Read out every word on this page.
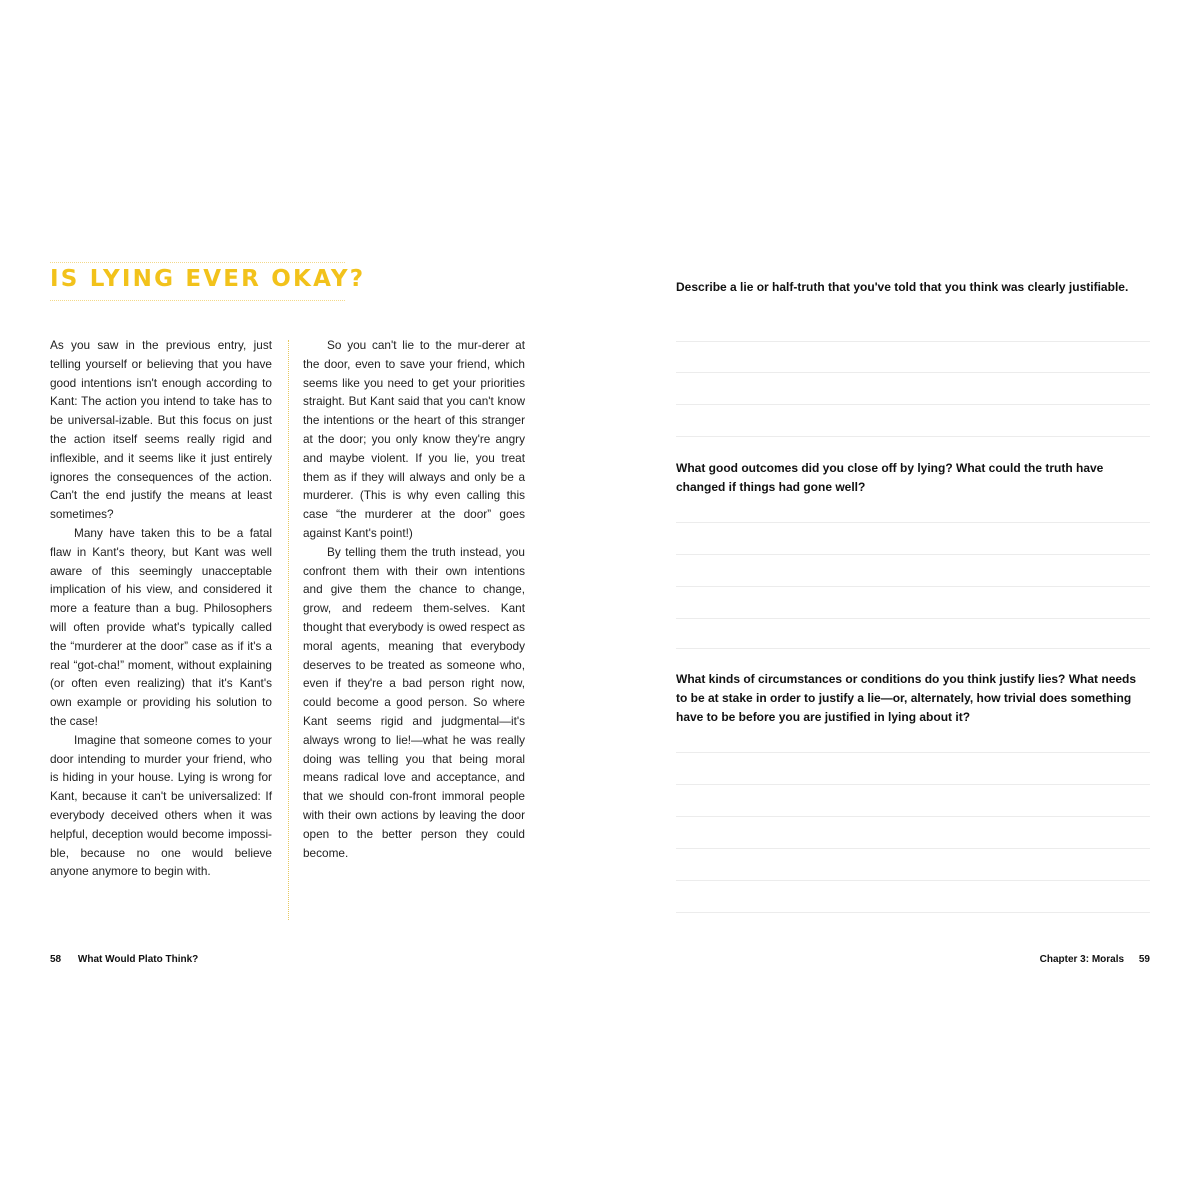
IS LYING EVER OKAY?

As you saw in the previous entry, just telling yourself or believing that you have good intentions isn't enough according to Kant: The action you intend to take has to be universal-izable. But this focus on just the action itself seems really rigid and inflexible, and it seems like it just entirely ignores the consequences of the action. Can't the end justify the means at least sometimes?

Many have taken this to be a fatal flaw in Kant's theory, but Kant was well aware of this seemingly unacceptable implication of his view, and considered it more a feature than a bug. Philosophers will often provide what's typically called the “murderer at the door” case as if it's a real “got-cha!” moment, without explaining (or often even realizing) that it's Kant's own example or providing his solution to the case!

Imagine that someone comes to your door intending to murder your friend, who is hiding in your house. Lying is wrong for Kant, because it can't be universalized: If everybody deceived others when it was helpful, deception would become impossi-ble, because no one would believe anyone anymore to begin with.

So you can't lie to the mur-derer at the door, even to save your friend, which seems like you need to get your priorities straight. But Kant said that you can't know the intentions or the heart of this stranger at the door; you only know they're angry and maybe violent. If you lie, you treat them as if they will always and only be a murderer. (This is why even calling this case “the murderer at the door” goes against Kant's point!)

By telling them the truth instead, you confront them with their own intentions and give them the chance to change, grow, and redeem them-selves. Kant thought that everybody is owed respect as moral agents, meaning that everybody deserves to be treated as someone who, even if they're a bad person right now, could become a good person. So where Kant seems rigid and judgmental—it's always wrong to lie!—what he was really doing was telling you that being moral means radical love and acceptance, and that we should con-front immoral people with their own actions by leaving the door open to the better person they could become.

58 What Would Plato Think?

Describe a lie or half-truth that you've told that you think was clearly justifiable.

What good outcomes did you close off by lying? What could the truth have changed if things had gone well?

What kinds of circumstances or conditions do you think justify lies? What needs to be at stake in order to justify a lie—or, alternately, how trivial does something have to be before you are justified in lying about it?

Chapter 3: Morals 59
